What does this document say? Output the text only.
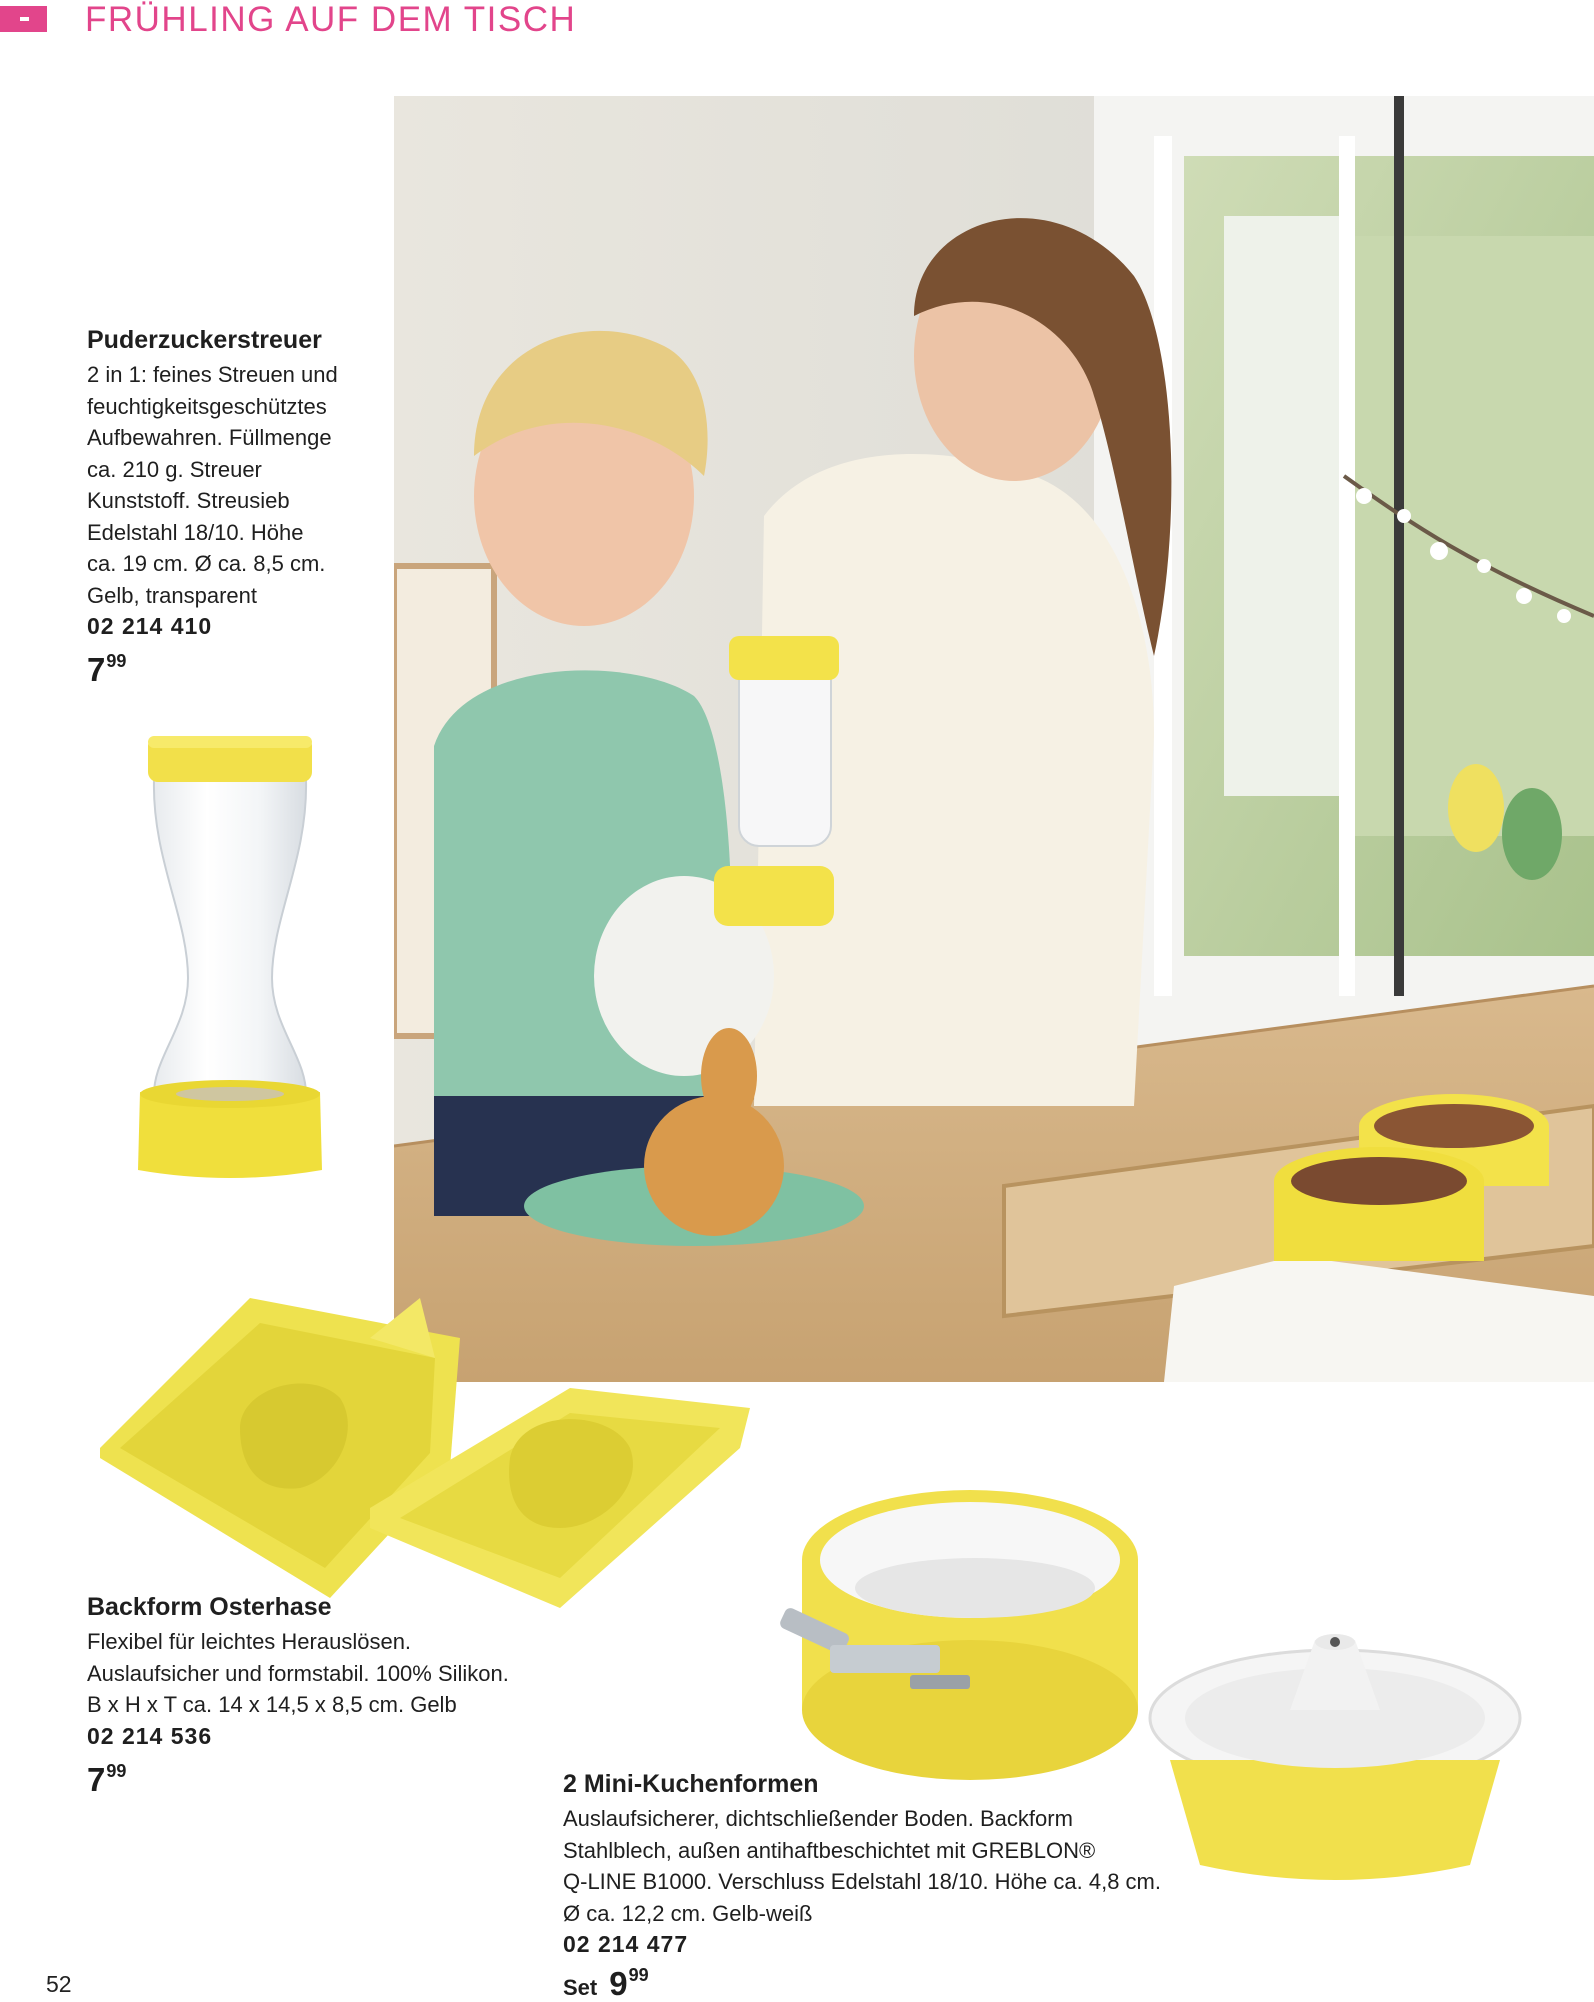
FRÜHLING AUF DEM TISCH
Puderzuckerstreuer

2 in 1: feines Streuen und
feuchtigkeitsgeschütztes
Aufbewahren. Füllmenge
ca. 210 g. Streuer
Kunststoff. Streusieb
Edelstahl 18/10. Höhe
ca. 19 cm. Ø ca. 8,5 cm.
Gelb, transparent

02 214 410
$7^{99}$
Backform Osterhase

Flexibel für leichtes Herauslösen.
Auslaufsicher und formstabil. 100% Silikon.
B x H x T ca. 14 x 14,5 x 8,5 cm. Gelb

02 214 536
$7^{99}$	2 Mini-Kuchenformen

Auslaufsicherer, dichtschließender Boden. Backform
Stahlblech, außen antihaftbeschichtet mit GREBLON®
Q-LINE B1000. Verschluss Edelstahl 18/10. Höhe ca. 4,8 cm.
Ø ca. 12,2 cm. Gelb-weiß

02 214 477
Set $9^{99}$
52
